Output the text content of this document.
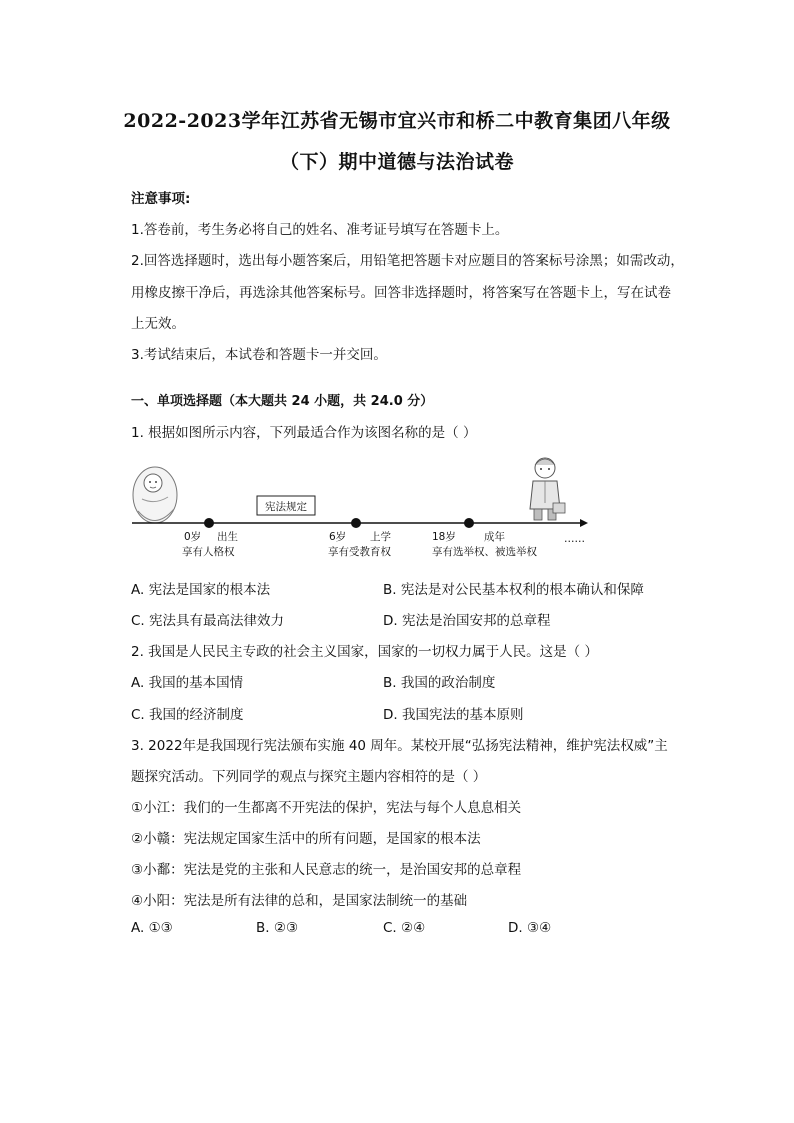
2022-2023学年江苏省无锡市宜兴市和桥二中教育集团八年级
（下）期中道德与法治试卷
注意事项:
1.答卷前，考生务必将自己的姓名、准考证号填写在答题卡上。
2.回答选择题时，选出每小题答案后，用铅笔把答题卡对应题目的答案标号涂黑；如需改动，
用橡皮擦干净后，再选涂其他答案标号。回答非选择题时，将答案写在答题卡上，写在试卷
上无效。
3.考试结束后，本试卷和答题卡一并交回。
一、单项选择题（本大题共 24 小题，共 24.0 分）
1. 根据如图所示内容，下列最适合作为该图名称的是（ ）
宪法规定
0岁 出生
享有人格权
6岁 上学
享有受教育权
18岁	成年
享有选举权、被选举权
……
A. 宪法是国家的根本法	B. 宪法是对公民基本权利的根本确认和保障
C. 宪法具有最高法律效力	D. 宪法是治国安邦的总章程
2. 我国是人民民主专政的社会主义国家，国家的一切权力属于人民。这是（ ）
A. 我国的基本国情	B. 我国的政治制度
C. 我国的经济制度	D. 我国宪法的基本原则
3. 2022年是我国现行宪法颁布实施 40 周年。某校开展“弘扬宪法精神，维护宪法权威”主
题探究活动。下列同学的观点与探究主题内容相符的是（ ）
①小江：我们的一生都离不开宪法的保护，宪法与每个人息息相关
②小赣：宪法规定国家生活中的所有问题，是国家的根本法
③小鄱：宪法是党的主张和人民意志的统一，是治国安邦的总章程
④小阳：宪法是所有法律的总和，是国家法制统一的基础
A. ①③	B. ②③	C. ②④	D. ③④
